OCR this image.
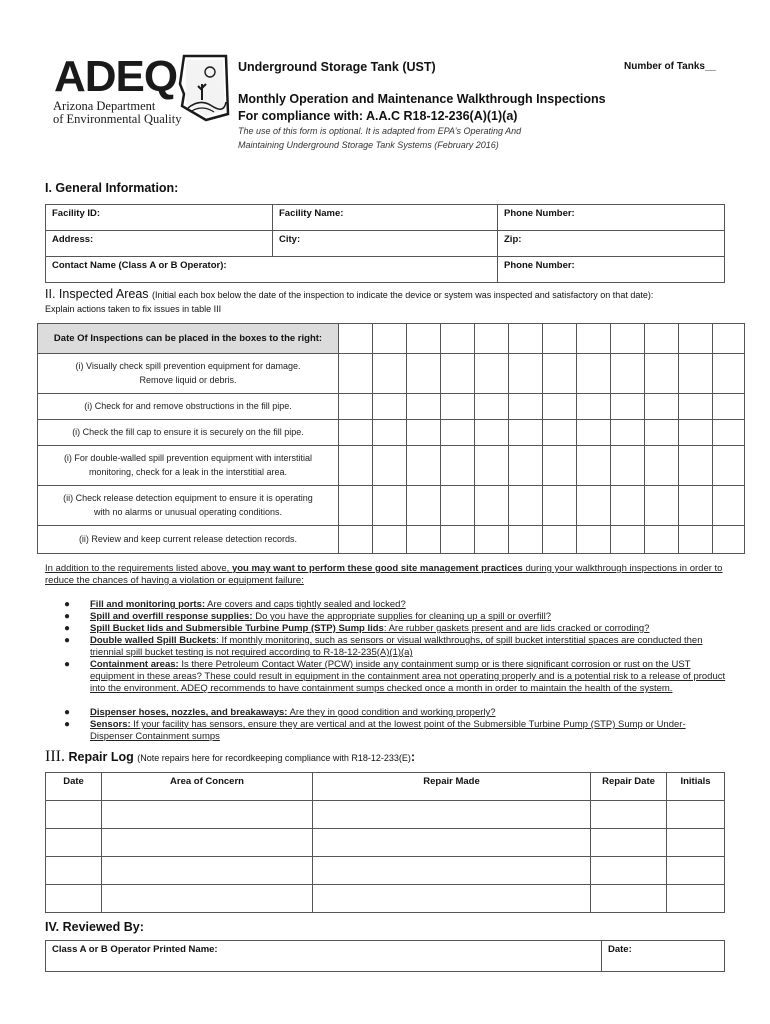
ADEQ
Arizona Department
of Environmental Quality
Underground Storage Tank (UST)	Number of Tanks__
Monthly Operation and Maintenance Walkthrough Inspections
For compliance with: A.A.C R18-12-236(A)(1)(a)
The use of this form is optional. It is adapted from EPA’s Operating And
Maintaining Underground Storage Tank Systems (February 2016)
I. General Information:
Facility ID:	Facility Name:	Phone Number:
Address:	City:	Zip:
Contact Name (Class A or B Operator):		Phone Number:
II. Inspected Areas (Initial each box below the date of the inspection to indicate the device or system was inspected and satisfactory on that date):
Explain actions taken to fix issues in table III
Date Of Inspections can be placed in the boxes to the right:												

(i) Visually check spill prevention equipment for damage.
Remove liquid or debris.												

(i) Check for and remove obstructions in the fill pipe.												

(i) Check the fill cap to ensure it is securely on the fill pipe.												

(i) For double-walled spill prevention equipment with interstitial
monitoring, check for a leak in the interstitial area.												

(ii) Check release detection equipment to ensure it is operating
with no alarms or unusual operating conditions.												

(ii) Review and keep current release detection records.												

In addition to the requirements listed above, you may want to perform these good site management practices during your walkthrough inspections in order to reduce the chances of having a violation or equipment failure:
● Fill and monitoring ports: Are covers and caps tightly sealed and locked?
● Spill and overfill response supplies: Do you have the appropriate supplies for cleaning up a spill or overfill?
● Spill Bucket lids and Submersible Turbine Pump (STP) Sump lids: Are rubber gaskets present and are lids cracked or corroding?
● Double walled Spill Buckets: If monthly monitoring, such as sensors or visual walkthroughs, of spill bucket interstitial spaces are conducted then triennial spill bucket testing is not required according to R-18-12-235(A)(1)(a)
● Containment areas: Is there Petroleum Contact Water (PCW) inside any containment sump or is there significant corrosion or rust on the UST equipment in these areas? These could result in equipment in the containment area not operating properly and is a potential risk to a release of product into the environment. ADEQ recommends to have containment sumps checked once a month in order to maintain the health of the system.
● Dispenser hoses, nozzles, and breakaways: Are they in good condition and working properly?
● Sensors: If your facility has sensors, ensure they are vertical and at the lowest point of the Submersible Turbine Pump (STP) Sump or Under-Dispenser Containment sumps
III. Repair Log (Note repairs here for recordkeeping compliance with R18-12-233(E):
Date	Area of Concern	Repair Made	Repair Date	Initials

IV. Reviewed By:
Class A or B Operator Printed Name:	Date:
